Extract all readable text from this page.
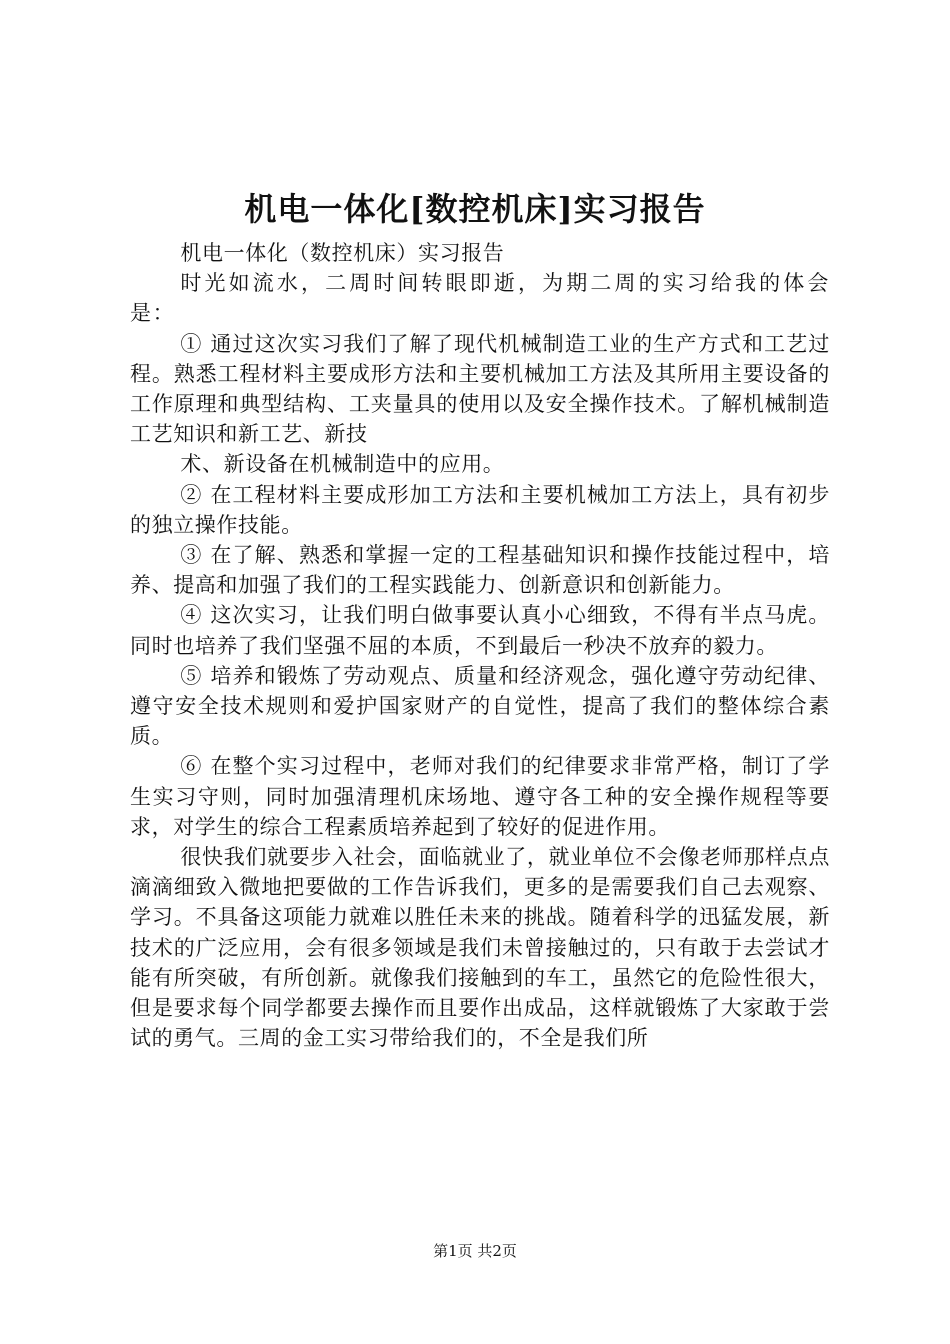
机电一体化[数控机床]实习报告

机电一体化（数控机床）实习报告

时光如流水，二周时间转眼即逝，为期二周的实习给我的体会是：

① 通过这次实习我们了解了现代机械制造工业的生产方式和工艺过程。熟悉工程材料主要成形方法和主要机械加工方法及其所用主要设备的工作原理和典型结构、工夹量具的使用以及安全操作技术。了解机械制造工艺知识和新工艺、新技

术、新设备在机械制造中的应用。

② 在工程材料主要成形加工方法和主要机械加工方法上，具有初步的独立操作技能。

③ 在了解、熟悉和掌握一定的工程基础知识和操作技能过程中，培养、提高和加强了我们的工程实践能力、创新意识和创新能力。

④ 这次实习，让我们明白做事要认真小心细致，不得有半点马虎。同时也培养了我们坚强不屈的本质，不到最后一秒决不放弃的毅力。

⑤ 培养和锻炼了劳动观点、质量和经济观念，强化遵守劳动纪律、遵守安全技术规则和爱护国家财产的自觉性，提高了我们的整体综合素质。

⑥ 在整个实习过程中，老师对我们的纪律要求非常严格，制订了学生实习守则，同时加强清理机床场地、遵守各工种的安全操作规程等要求，对学生的综合工程素质培养起到了较好的促进作用。

很快我们就要步入社会，面临就业了，就业单位不会像老师那样点点滴滴细致入微地把要做的工作告诉我们，更多的是需要我们自己去观察、学习。不具备这项能力就难以胜任未来的挑战。随着科学的迅猛发展，新技术的广泛应用，会有很多领域是我们未曾接触过的，只有敢于去尝试才能有所突破，有所创新。就像我们接触到的车工，虽然它的危险性很大，但是要求每个同学都要去操作而且要作出成品，这样就锻炼了大家敢于尝试的勇气。三周的金工实习带给我们的，不全是我们所

第1页 共2页
